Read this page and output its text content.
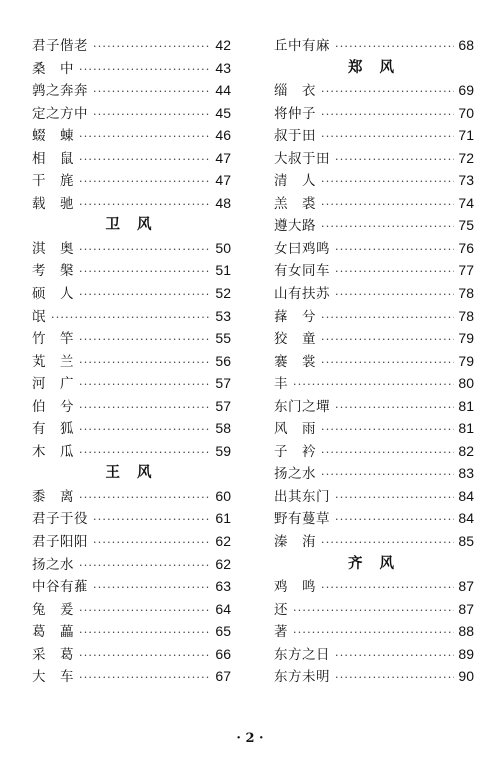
君子偕老 ·····	42
桑　中 ·····	43
鹑之奔奔 ·····	44
定之方中 ·····	45
蝃　蝀 ·····	46
相　鼠 ·····	47
干　旄 ·····	47
载　驰 ·····	48
卫 风
淇　奥 ·····	50
考　槃 ·····	51
硕　人 ·····	52
氓 ·····	53
竹　竿 ·····	55
芄　兰 ·····	56
河　广 ·····	57
伯　兮 ·····	57
有　狐 ·····	58
木　瓜 ·····	59
王 风
黍　离 ·····	60
君子于役 ·····	61
君子阳阳 ·····	62
扬之水 ·····	62
中谷有蓷 ·····	63
兔　爰 ·····	64
葛　藟 ·····	65
采　葛 ·····	66
大　车 ·····	67
丘中有麻 ·····	68
郑 风
缁　衣 ·····	69
将仲子 ·····	70
叔于田 ·····	71
大叔于田 ·····	72
清　人 ·····	73
羔　裘 ·····	74
遵大路 ·····	75
女曰鸡鸣 ·····	76
有女同车 ·····	77
山有扶苏 ·····	78
萚　兮 ·····	78
狡　童 ·····	79
褰　裳 ·····	79
丰 ·····	80
东门之墠 ·····	81
风　雨 ·····	81
子　衿 ·····	82
扬之水 ·····	83
出其东门 ·····	84
野有蔓草 ·····	84
溱　洧 ·····	85
齐 风
鸡　鸣 ·····	87
还 ·····	87
著 ·····	88
东方之日 ·····	89
东方未明 ·····	90
· 2 ·
